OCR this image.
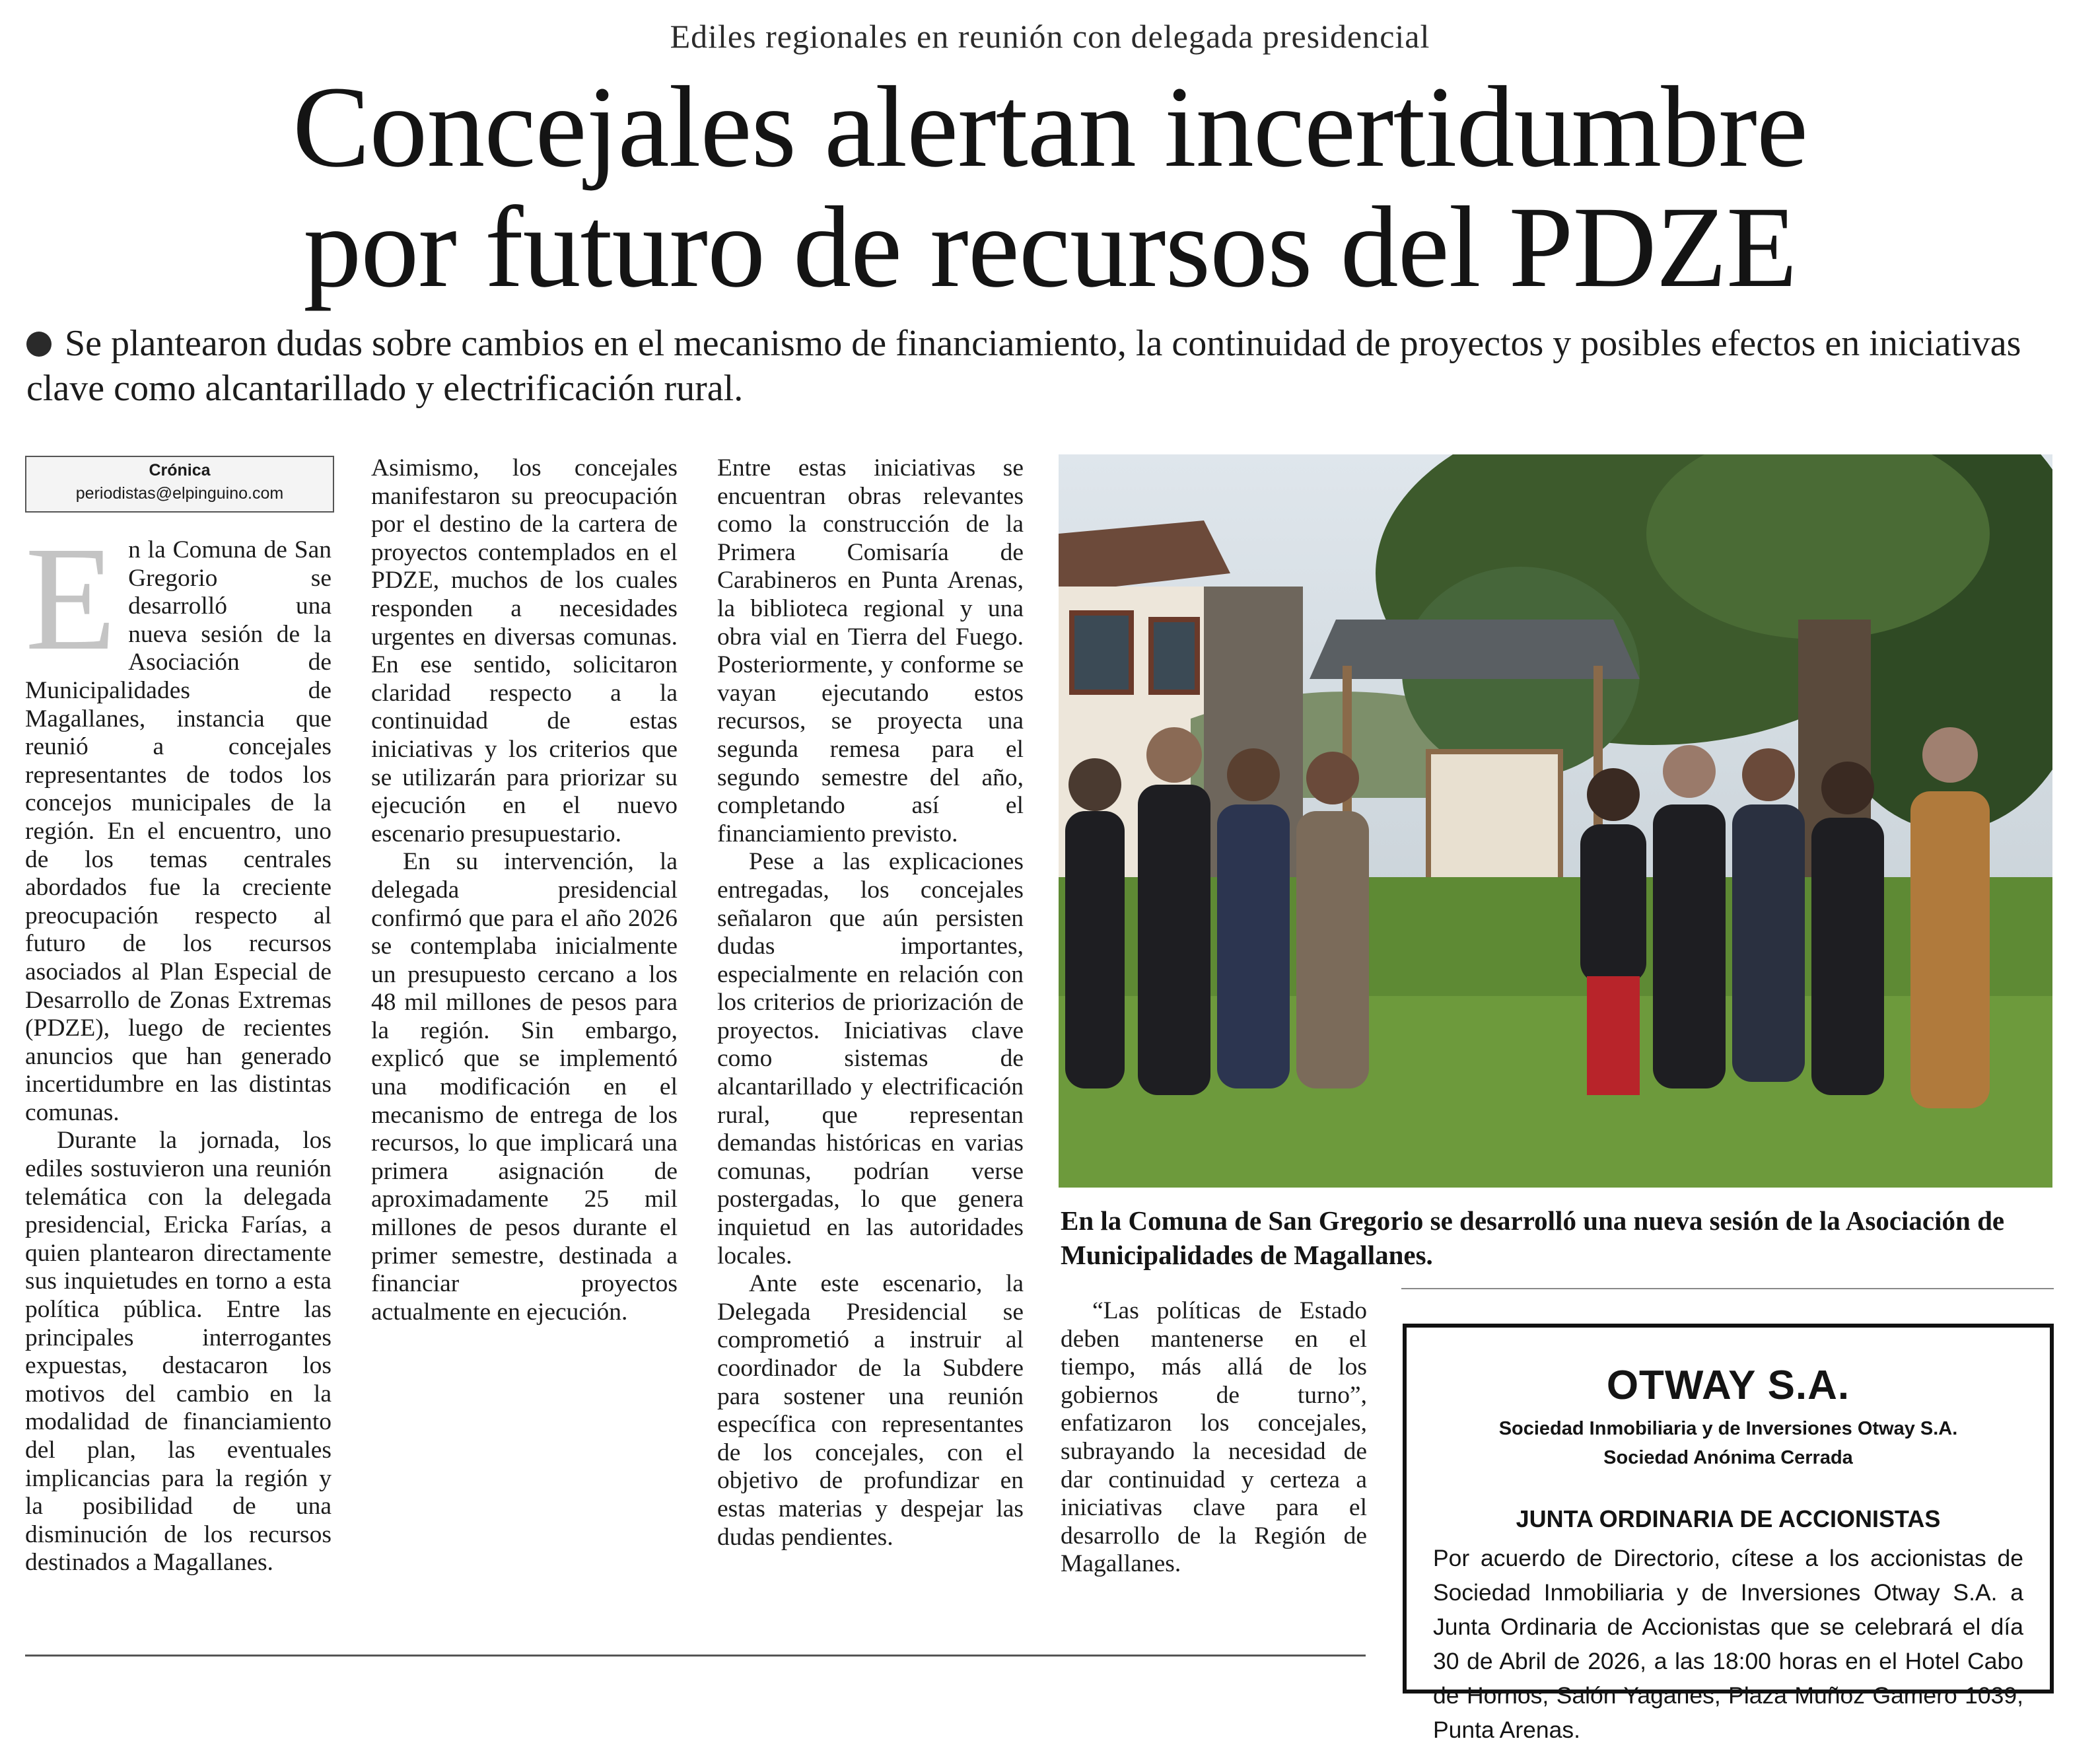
Ediles regionales en reunión con delegada presidencial
Concejales alertan incertidumbre
por futuro de recursos del PDZE
Se plantearon dudas sobre cambios en el mecanismo de financiamiento, la continuidad de proyectos y posibles efectos en iniciativas clave como alcantarillado y electrificación rural.
Crónica
periodistas@elpinguino.com

En la Comuna de San Gregorio se desarrolló una nueva sesión de la Asociación de Municipalidades de Magallanes, instancia que reunió a concejales representantes de todos los concejos municipales de la región. En el encuentro, uno de los temas centrales abordados fue la creciente preocupación respecto al futuro de los recursos asociados al Plan Especial de Desarrollo de Zonas Extremas (PDZE), luego de recientes anuncios que han generado incertidumbre en las distintas comunas.

Durante la jornada, los ediles sostuvieron una reunión telemática con la delegada presidencial, Ericka Farías, a quien plantearon directamente sus inquietudes en torno a esta política pública. Entre las principales interrogantes expuestas, destacaron los motivos del cambio en la modalidad de financiamiento del plan, las eventuales implicancias para la región y la posibilidad de una disminución de los recursos destinados a Magallanes.

Asimismo, los concejales manifestaron su preocupación por el destino de la cartera de proyectos contemplados en el PDZE, muchos de los cuales responden a necesidades urgentes en diversas comunas. En ese sentido, solicitaron claridad respecto a la continuidad de estas iniciativas y los criterios que se utilizarán para priorizar su ejecución en el nuevo escenario presupuestario.

En su intervención, la delegada presidencial confirmó que para el año 2026 se contemplaba inicialmente un presupuesto cercano a los 48 mil millones de pesos para la región. Sin embargo, explicó que se implementó una modificación en el mecanismo de entrega de los recursos, lo que implicará una primera asignación de aproximadamente 25 mil millones de pesos durante el primer semestre, destinada a financiar proyectos actualmente en ejecución.

Entre estas iniciativas se encuentran obras relevantes como la construcción de la Primera Comisaría de Carabineros en Punta Arenas, la biblioteca regional y una obra vial en Tierra del Fuego. Posteriormente, y conforme se vayan ejecutando estos recursos, se proyecta una segunda remesa para el segundo semestre del año, completando así el financiamiento previsto.

Pese a las explicaciones entregadas, los concejales señalaron que aún persisten dudas importantes, especialmente en relación con los criterios de priorización de proyectos. Iniciativas clave como sistemas de alcantarillado y electrificación rural, que representan demandas históricas en varias comunas, podrían verse postergadas, lo que genera inquietud en las autoridades locales.

Ante este escenario, la Delegada Presidencial se comprometió a instruir al coordinador de la Subdere para sostener una reunión específica con representantes de los concejales, con el objetivo de profundizar en estas materias y despejar las dudas pendientes.

“Las políticas de Estado deben mantenerse en el tiempo, más allá de los gobiernos de turno”, enfatizaron los concejales, subrayando la necesidad de dar continuidad y certeza a iniciativas clave para el desarrollo de la Región de Magallanes.

En la Comuna de San Gregorio se desarrolló una nueva sesión de la Asociación de Municipalidades de Magallanes.
OTWAY S.A.
Sociedad Inmobiliaria y de Inversiones Otway S.A.
Sociedad Anónima Cerrada
JUNTA ORDINARIA DE ACCIONISTAS
Por acuerdo de Directorio, cítese a los accionistas de Sociedad Inmobiliaria y de Inversiones Otway S.A. a Junta Ordinaria de Accionistas que se celebrará el día 30 de Abril de 2026, a las 18:00 horas en el Hotel Cabo de Hornos, Salón Yaganes, Plaza Muñoz Gamero 1039, Punta Arenas.
